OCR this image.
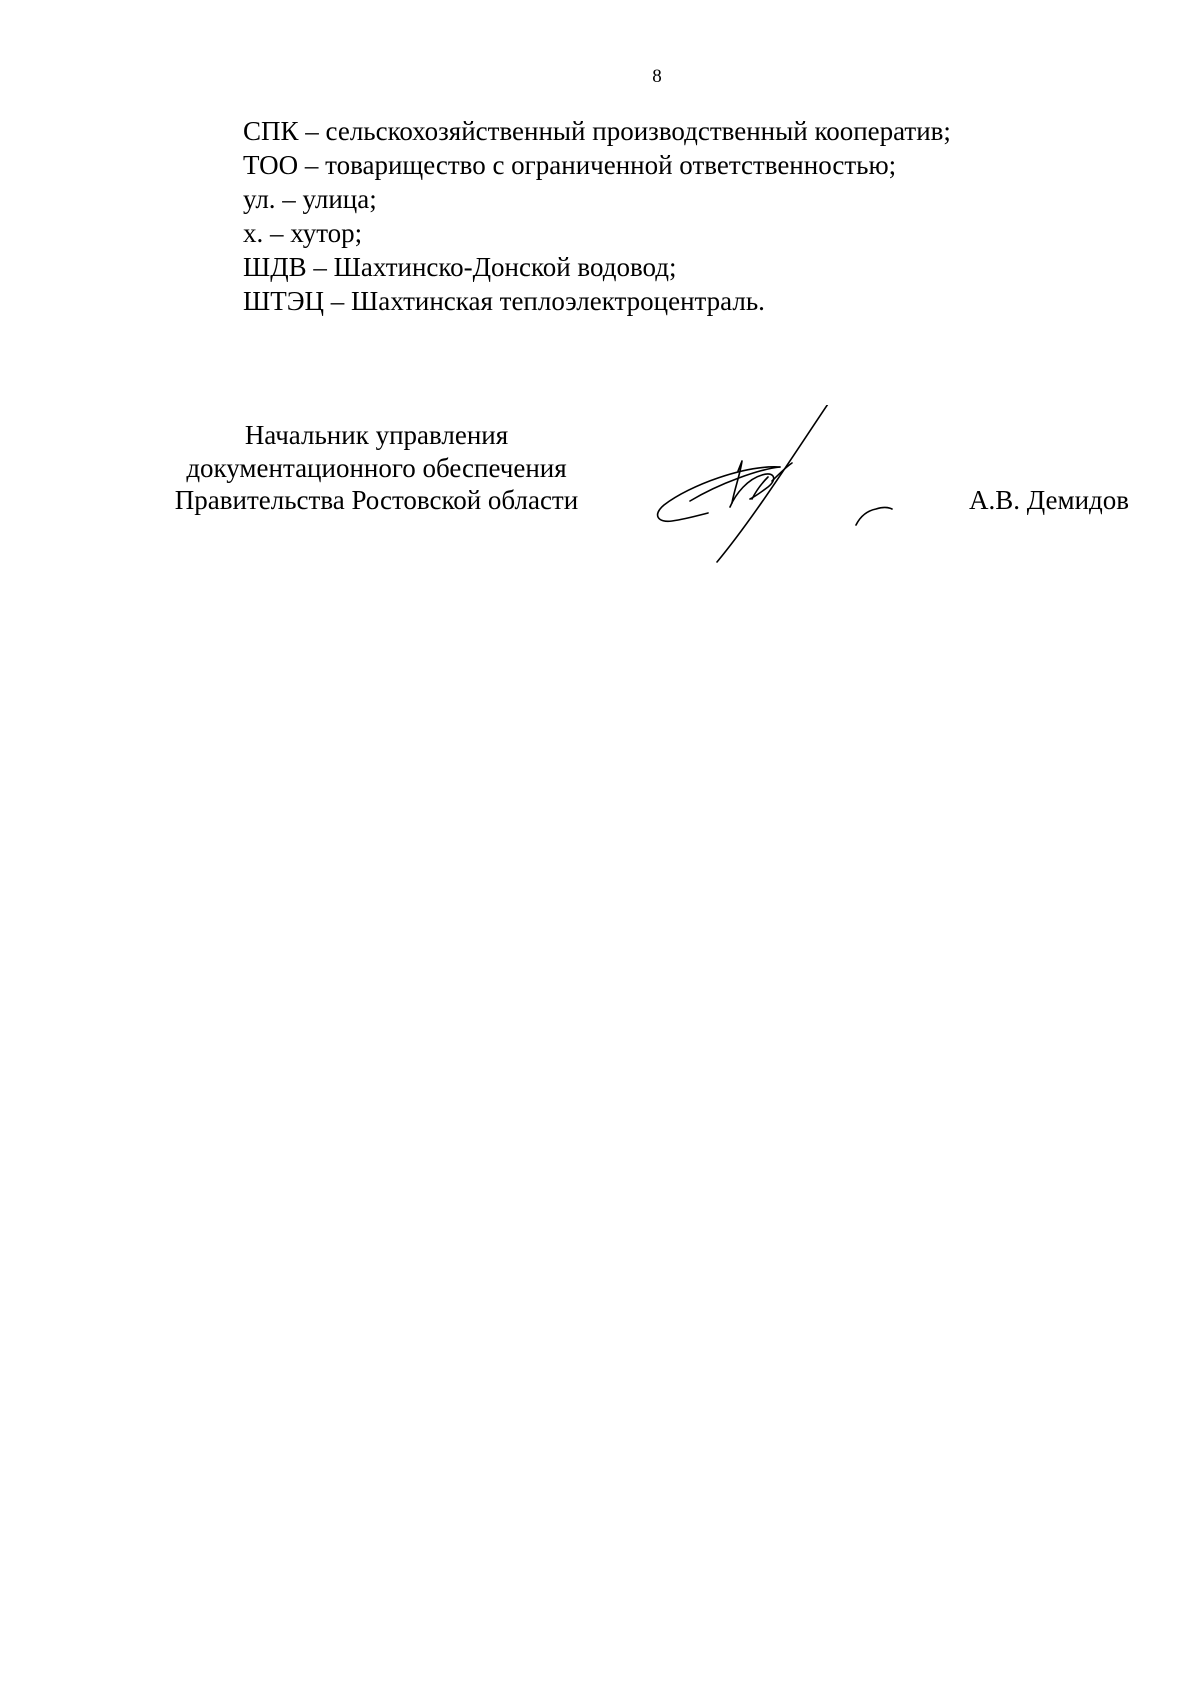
8
СПК – сельскохозяйственный производственный кооператив;
ТОО – товарищество с ограниченной ответственностью;
ул. – улица;
х. – хутор;
ШДВ – Шахтинско-Донской водовод;
ШТЭЦ – Шахтинская теплоэлектроцентраль.
Начальник управления
документационного обеспечения
Правительства Ростовской области	А.В. Демидов
